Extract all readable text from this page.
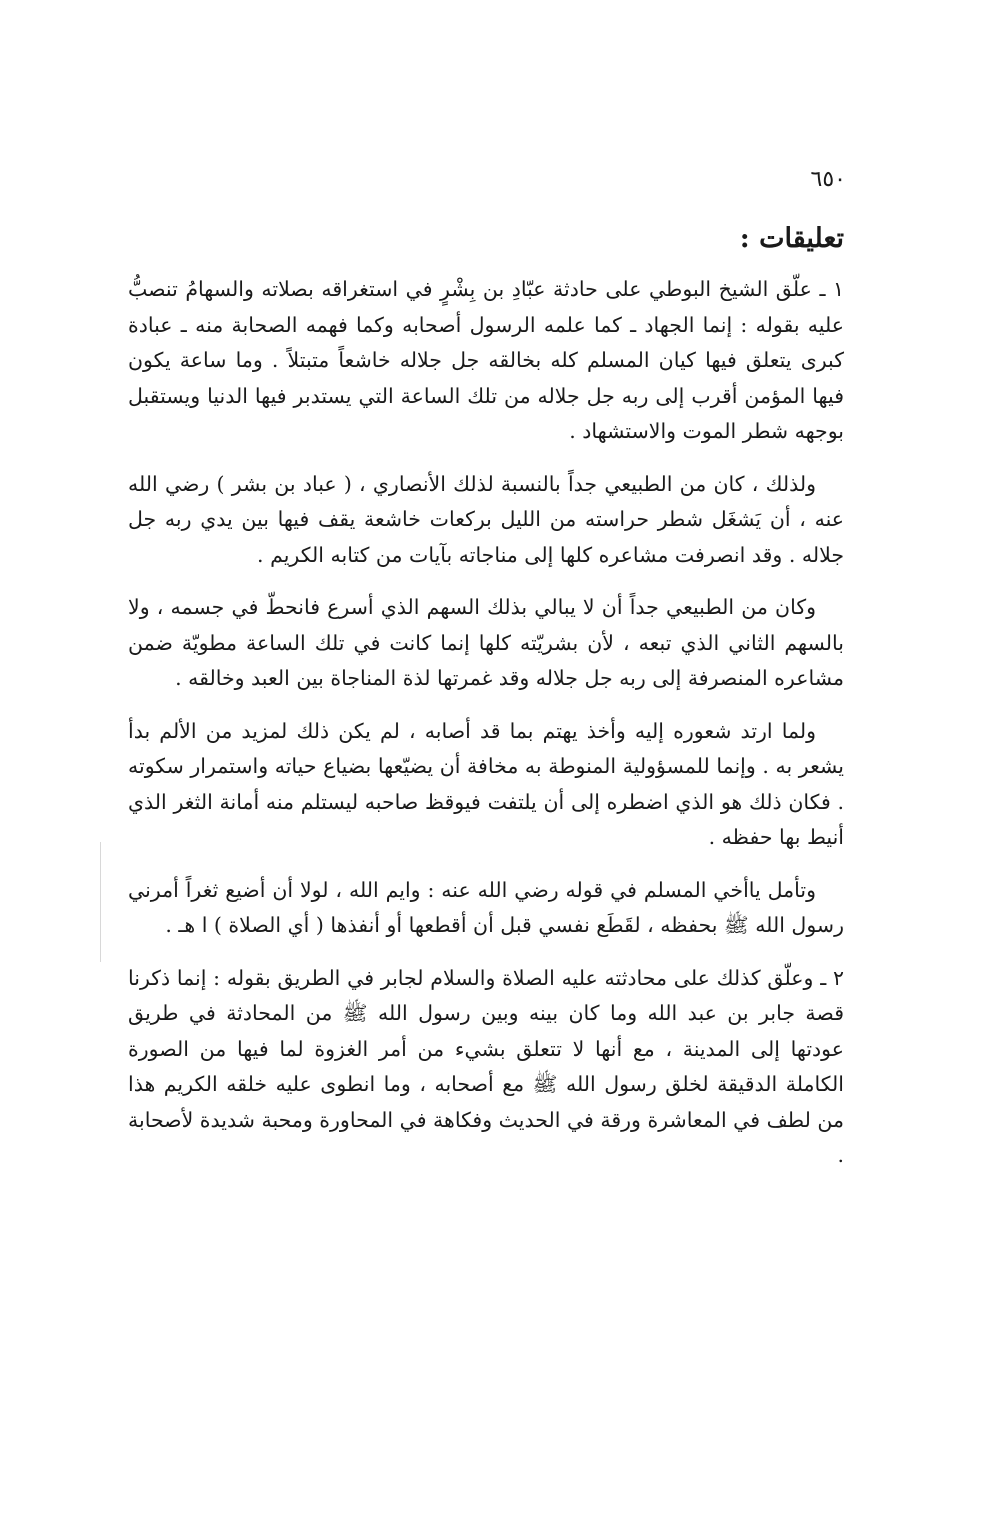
٦٥٠
تعليقات :

١ ـ علّق الشيخ البوطي على حادثة عبّادِ بن بِشْرٍ في استغراقه بصلاته والسهامُ تنصبُّ عليه بقوله : إنما الجهاد ـ كما علمه الرسول أصحابه وكما فهمه الصحابة منه ـ عبادة كبرى يتعلق فيها كيان المسلم كله بخالقه جل جلاله خاشعاً متبتلاً . وما ساعة يكون فيها المؤمن أقرب إلى ربه جل جلاله من تلك الساعة التي يستدبر فيها الدنيا ويستقبل بوجهه شطر الموت والاستشهاد .

ولذلك ، كان من الطبيعي جداً بالنسبة لذلك الأنصاري ، ( عباد بن بشر ) رضي الله عنه ، أن يَشغَل شطر حراسته من الليل بركعات خاشعة يقف فيها بين يدي ربه جل جلاله . وقد انصرفت مشاعره كلها إلى مناجاته بآيات من كتابه الكريم .

وكان من الطبيعي جداً أن لا يبالي بذلك السهم الذي أسرع فانحطّ في جسمه ، ولا بالسهم الثاني الذي تبعه ، لأن بشريّته كلها إنما كانت في تلك الساعة مطويّة ضمن مشاعره المنصرفة إلى ربه جل جلاله وقد غمرتها لذة المناجاة بين العبد وخالقه .

ولما ارتد شعوره إليه وأخذ يهتم بما قد أصابه ، لم يكن ذلك لمزيد من الألم بدأ يشعر به . وإنما للمسؤولية المنوطة به مخافة أن يضيّعها بضياع حياته واستمرار سكوته . فكان ذلك هو الذي اضطره إلى أن يلتفت فيوقظ صاحبه ليستلم منه أمانة الثغر الذي أنيط بها حفظه .

وتأمل ياأخي المسلم في قوله رضي الله عنه : وايم الله ، لولا أن أضيع ثغراً أمرني رسول الله ﷺ بحفظه ، لقَطَع نفسي قبل أن أقطعها أو أنفذها ( أي الصلاة ) ا هـ .

٢ ـ وعلّق كذلك على محادثته عليه الصلاة والسلام لجابر في الطريق بقوله : إنما ذكرنا قصة جابر بن عبد الله وما كان بينه وبين رسول الله ﷺ من المحادثة في طريق عودتها إلى المدينة ، مع أنها لا تتعلق بشيء من أمر الغزوة لما فيها من الصورة الكاملة الدقيقة لخلق رسول الله ﷺ مع أصحابه ، وما انطوى عليه خلقه الكريم هذا من لطف في المعاشرة ورقة في الحديث وفكاهة في المحاورة ومحبة شديدة لأصحابة .
